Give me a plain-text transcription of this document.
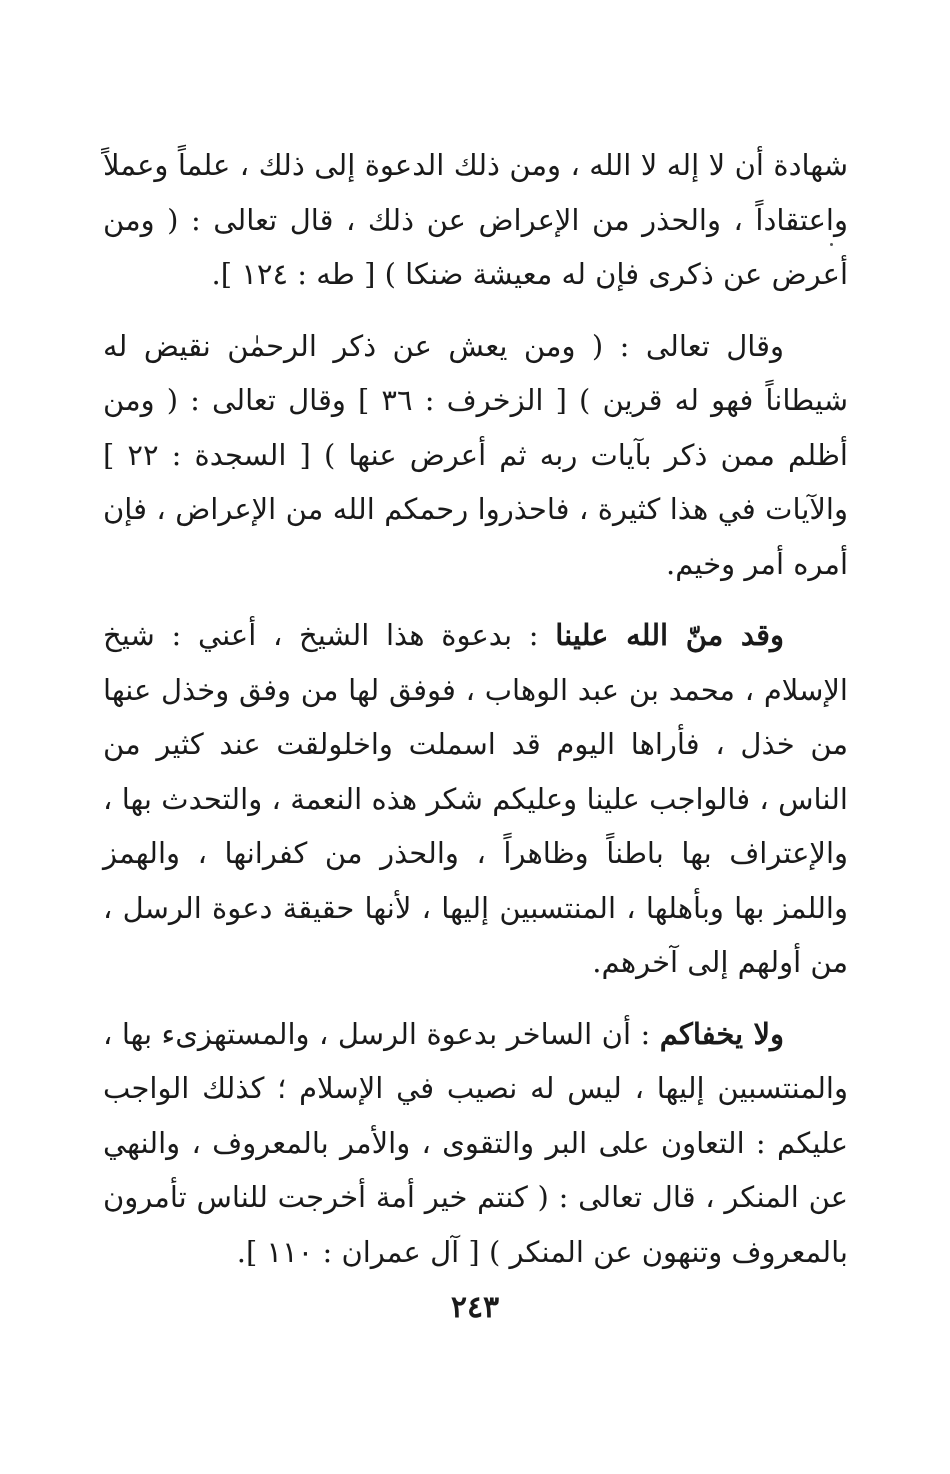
شهادة أن لا إله لا الله ، ومن ذلك الدعوة إلى ذلك ، علماً وعملاً واعتقاداً ، والحذر من الإعراض عن ذلك ، قال تعالى : ( ومن أعرض عن ذكرى فإن له معيشة ضنكا ) [ طه : ١٢٤ ].

وقال تعالى : ( ومن يعش عن ذكر الرحمٰن نقيض له شيطاناً فهو له قرين ) [ الزخرف : ٣٦ ] وقال تعالى : ( ومن أظلم ممن ذكر بآيات ربه ثم أعرض عنها ) [ السجدة : ٢٢ ] والآيات في هذا كثيرة ، فاحذروا رحمكم الله من الإعراض ، فإن أمره أمر وخيم.

وقد منّ الله علينا : بدعوة هذا الشيخ ، أعني : شيخ الإسلام ، محمد بن عبد الوهاب ، فوفق لها من وفق وخذل عنها من خذل ، فأراها اليوم قد اسملت واخلولقت عند كثير من الناس ، فالواجب علينا وعليكم شكر هذه النعمة ، والتحدث بها ، والإعتراف بها باطناً وظاهراً ، والحذر من كفرانها ، والهمز واللمز بها وبأهلها ، المنتسبين إليها ، لأنها حقيقة دعوة الرسل ، من أولهم إلى آخرهم.

ولا يخفاكم : أن الساخر بدعوة الرسل ، والمستهزىء بها ، والمنتسبين إليها ، ليس له نصيب في الإسلام ؛ كذلك الواجب عليكم : التعاون على البر والتقوى ، والأمر بالمعروف ، والنهي عن المنكر ، قال تعالى : ( كنتم خير أمة أخرجت للناس تأمرون بالمعروف وتنهون عن المنكر ) [ آل عمران : ١١٠ ].

٢٤٣
